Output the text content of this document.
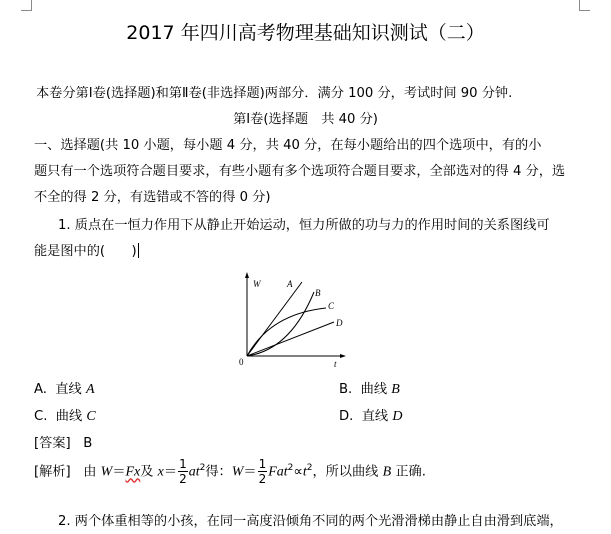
2017 年四川高考物理基础知识测试（二）
本卷分第Ⅰ卷(选择题)和第Ⅱ卷(非选择题)两部分．满分 100 分，考试时间 90 分钟.
第Ⅰ卷(选择题　共 40 分)
一、选择题(共 10 小题，每小题 4 分，共 40 分，在每小题给出的四个选项中，有的小
题只有一个选项符合题目要求，有些小题有多个选项符合题目要求，全部选对的得 4 分，选
不全的得 2 分，有选错或不答的得 0 分)
1. 质点在一恒力作用下从静止开始运动，恒力所做的功与力的作用时间的关系图线可
能是图中的(　　)
W
t
0
A
B
C
D
A. 直线 A	B. 曲线 B
C. 曲线 C	D. 直线 D
[答案] B
[解析] 由 W＝Fx及 $x= \frac{1}{2} at^2$得：$W= \frac{1}{2} Fat^2\propto t^2$，所以曲线 B 正确.
2. 两个体重相等的小孩，在同一高度沿倾角不同的两个光滑滑梯由静止自由滑到底端，
